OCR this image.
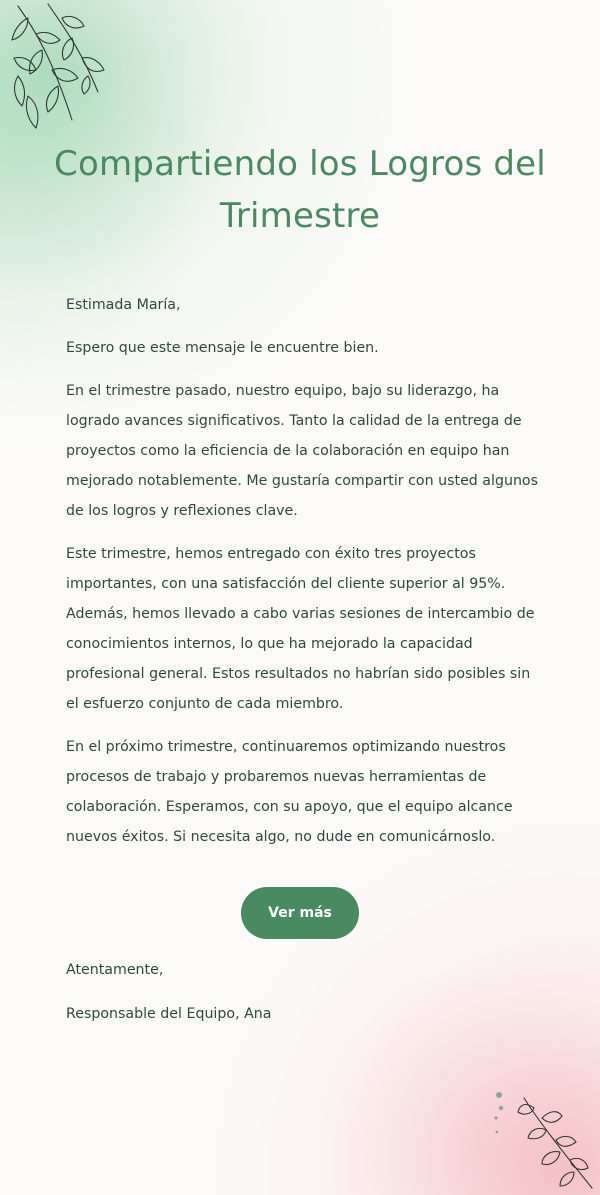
Compartiendo los Logros del Trimestre

Estimada María,

Espero que este mensaje le encuentre bien.

En el trimestre pasado, nuestro equipo, bajo su liderazgo, ha logrado avances significativos. Tanto la calidad de la entrega de proyectos como la eficiencia de la colaboración en equipo han mejorado notablemente. Me gustaría compartir con usted algunos de los logros y reflexiones clave.

Este trimestre, hemos entregado con éxito tres proyectos importantes, con una satisfacción del cliente superior al 95%. Además, hemos llevado a cabo varias sesiones de intercambio de conocimientos internos, lo que ha mejorado la capacidad profesional general. Estos resultados no habrían sido posibles sin el esfuerzo conjunto de cada miembro.

En el próximo trimestre, continuaremos optimizando nuestros procesos de trabajo y probaremos nuevas herramientas de colaboración. Esperamos, con su apoyo, que el equipo alcance nuevos éxitos. Si necesita algo, no dude en comunicárnoslo.

Ver más

Atentamente,

Responsable del Equipo, Ana
